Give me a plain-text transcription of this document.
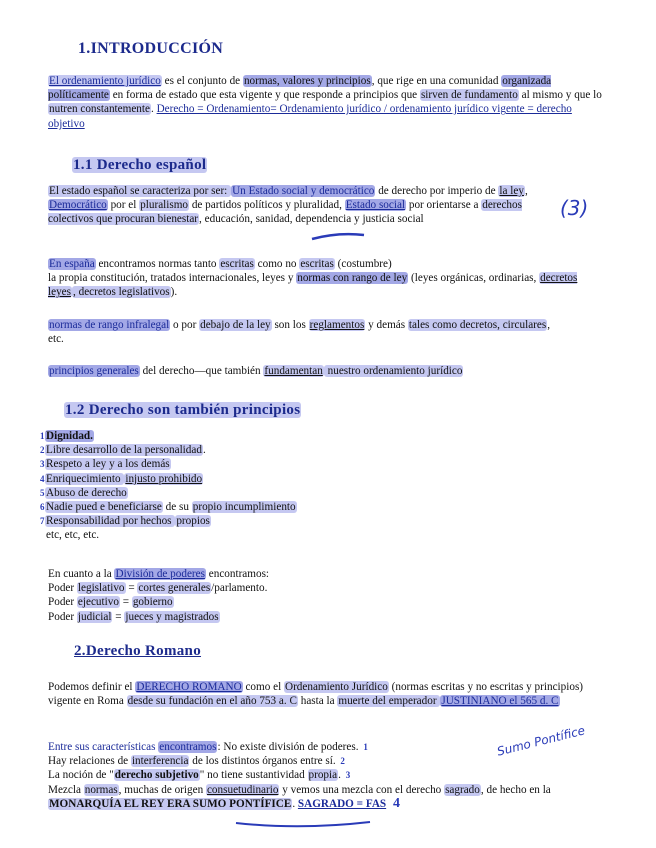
1.INTRODUCCIÓN
El ordenamiento jurídico es el conjunto de normas, valores y principios, que rige en una comunidad organizada políticamente en forma de estado que esta vigente y que responde a principios que sirven de fundamento al mismo y que lo nutren constantemente. Derecho = Ordenamiento= Ordenamiento jurídico / ordenamiento jurídico vigente = derecho objetivo
1.1 Derecho español
El estado español se caracteriza por ser: Un Estado social y democrático de derecho por imperio de la ley, Democrático por el pluralismo de partidos políticos y pluralidad, Estado social por orientarse a derechos colectivos que procuran bienestar, educación, sanidad, dependencia y justicia social	(3)
En españa encontramos normas tanto escritas como no escritas (costumbre)
la propia constitución, tratados internacionales, leyes y normas con rango de ley (leyes orgánicas, ordinarias, decretos leyes , decretos legislativos).
normas de rango infralegal o por debajo de la ley son los reglamentos y demás tales como decretos, circulares, etc.
principios generales del derecho—que también fundamentan nuestro ordenamiento jurídico
1.2 Derecho son también principios
1 Dignidad.
2 Libre desarrollo de la personalidad.
3 Respeto a ley y a los demás
4 Enriquecimiento injusto prohibido
5 Abuso de derecho
6 Nadie pued e beneficiarse de su propio incumplimiento
7 Responsabilidad por hechos propios
etc, etc, etc.
En cuanto a la División de poderes encontramos:
Poder legislativo = cortes generales/parlamento.
Poder ejecutivo = gobierno
Poder judicial = jueces y magistrados
2.Derecho Romano
Podemos definir el DERECHO ROMANO como el Ordenamiento Jurídico (normas escritas y no escritas y principios) vigente en Roma desde su fundación en el año 753 a. C hasta la muerte del emperador JUSTINIANO el 565 d. C
Entre sus características encontramos: No existe división de poderes. 1
Hay relaciones de interferencia de los distintos órganos entre sí. 2
La noción de "derecho subjetivo" no tiene sustantividad propia. 3
Mezcla normas, muchas de origen consuetudinario y vemos una mezcla con el derecho sagrado, de hecho en la MONARQUÍA EL REY ERA SUMO PONTÍFICE. SAGRADO = FAS 4
Sumo Pontífice
